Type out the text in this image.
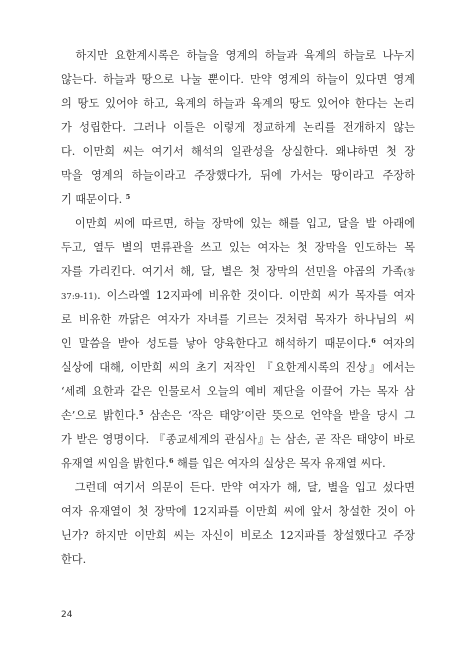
　하지만 요한계시록은 하늘을 영계의 하늘과 육계의 하늘로 나누지
않는다. 하늘과 땅으로 나눌 뿐이다. 만약 영계의 하늘이 있다면 영계
의 땅도 있어야 하고, 육계의 하늘과 육계의 땅도 있어야 한다는 논리
가 성립한다. 그러나 이들은 이렇게 정교하게 논리를 전개하지 않는
다. 이만희 씨는 여기서 해석의 일관성을 상실한다. 왜냐하면 첫 장
막을 영계의 하늘이라고 주장했다가, 뒤에 가서는 땅이라고 주장하
기 때문이다. $^5$

　이만희 씨에 따르면, 하늘 장막에 있는 해를 입고, 달을 발 아래에
두고, 열두 별의 면류관을 쓰고 있는 여자는 첫 장막을 인도하는 목
자를 가리킨다. 여기서 해, 달, 별은 첫 장막의 선민을 야곱의 가족(창
37:9-11). 이스라엘 12지파에 비유한 것이다. 이만희 씨가 목자를 여자
로 비유한 까닭은 여자가 자녀를 기르는 것처럼 목자가 하나님의 씨
인 말씀을 받아 성도를 낳아 양육한다고 해석하기 때문이다.$^6$ 여자의
실상에 대해, 이만희 씨의 초기 저작인 『요한계시록의 진상』에서는
‘세례 요한과 같은 인물로서 오늘의 예비 제단을 이끌어 가는 목자 삼
손’으로 밝힌다.$^5$ 삼손은 ‘작은 태양’이란 뜻으로 언약을 받을 당시 그
가 받은 영명이다. 『종교세계의 관심사』는 삼손, 곧 작은 태양이 바로
유재열 씨임을 밝힌다.$^6$ 해를 입은 여자의 실상은 목자 유재열 씨다.

　그런데 여기서 의문이 든다. 만약 여자가 해, 달, 별을 입고 섰다면
여자 유재열이 첫 장막에 12지파를 이만희 씨에 앞서 창설한 것이 아
닌가? 하지만 이만희 씨는 자신이 비로소 12지파를 창설했다고 주장
한다.

24
